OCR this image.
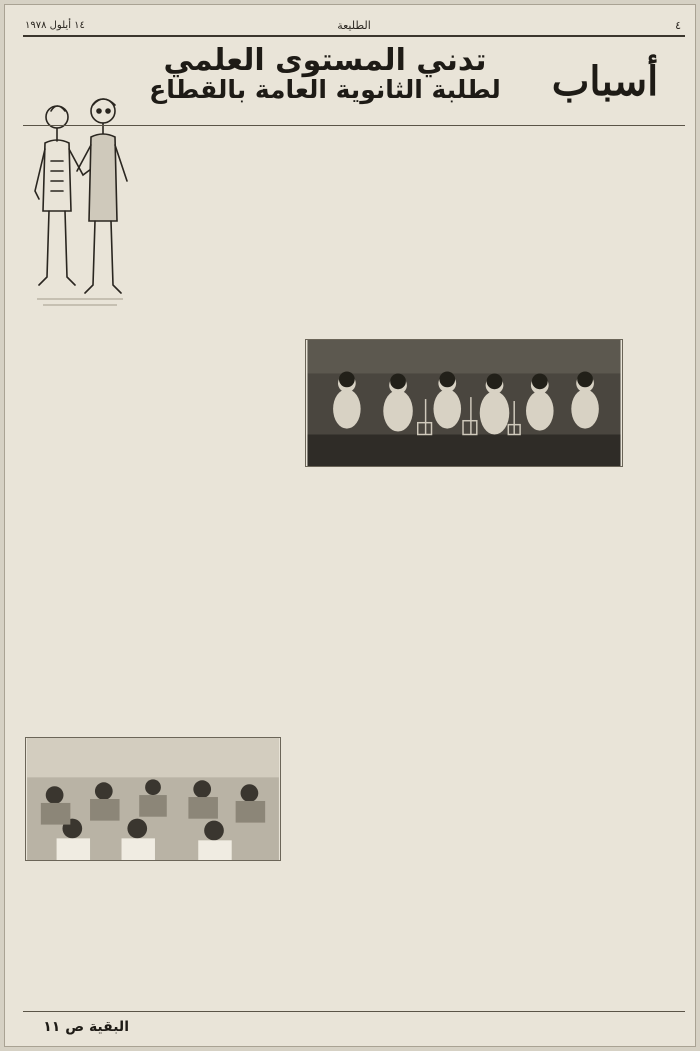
١٤ أيلول ١٩٧٨	الطليعة	٤
أسباب
تدني المستوى العلمي
لطلبة الثانوية العامة بالقطاع

البقية ص ١١
